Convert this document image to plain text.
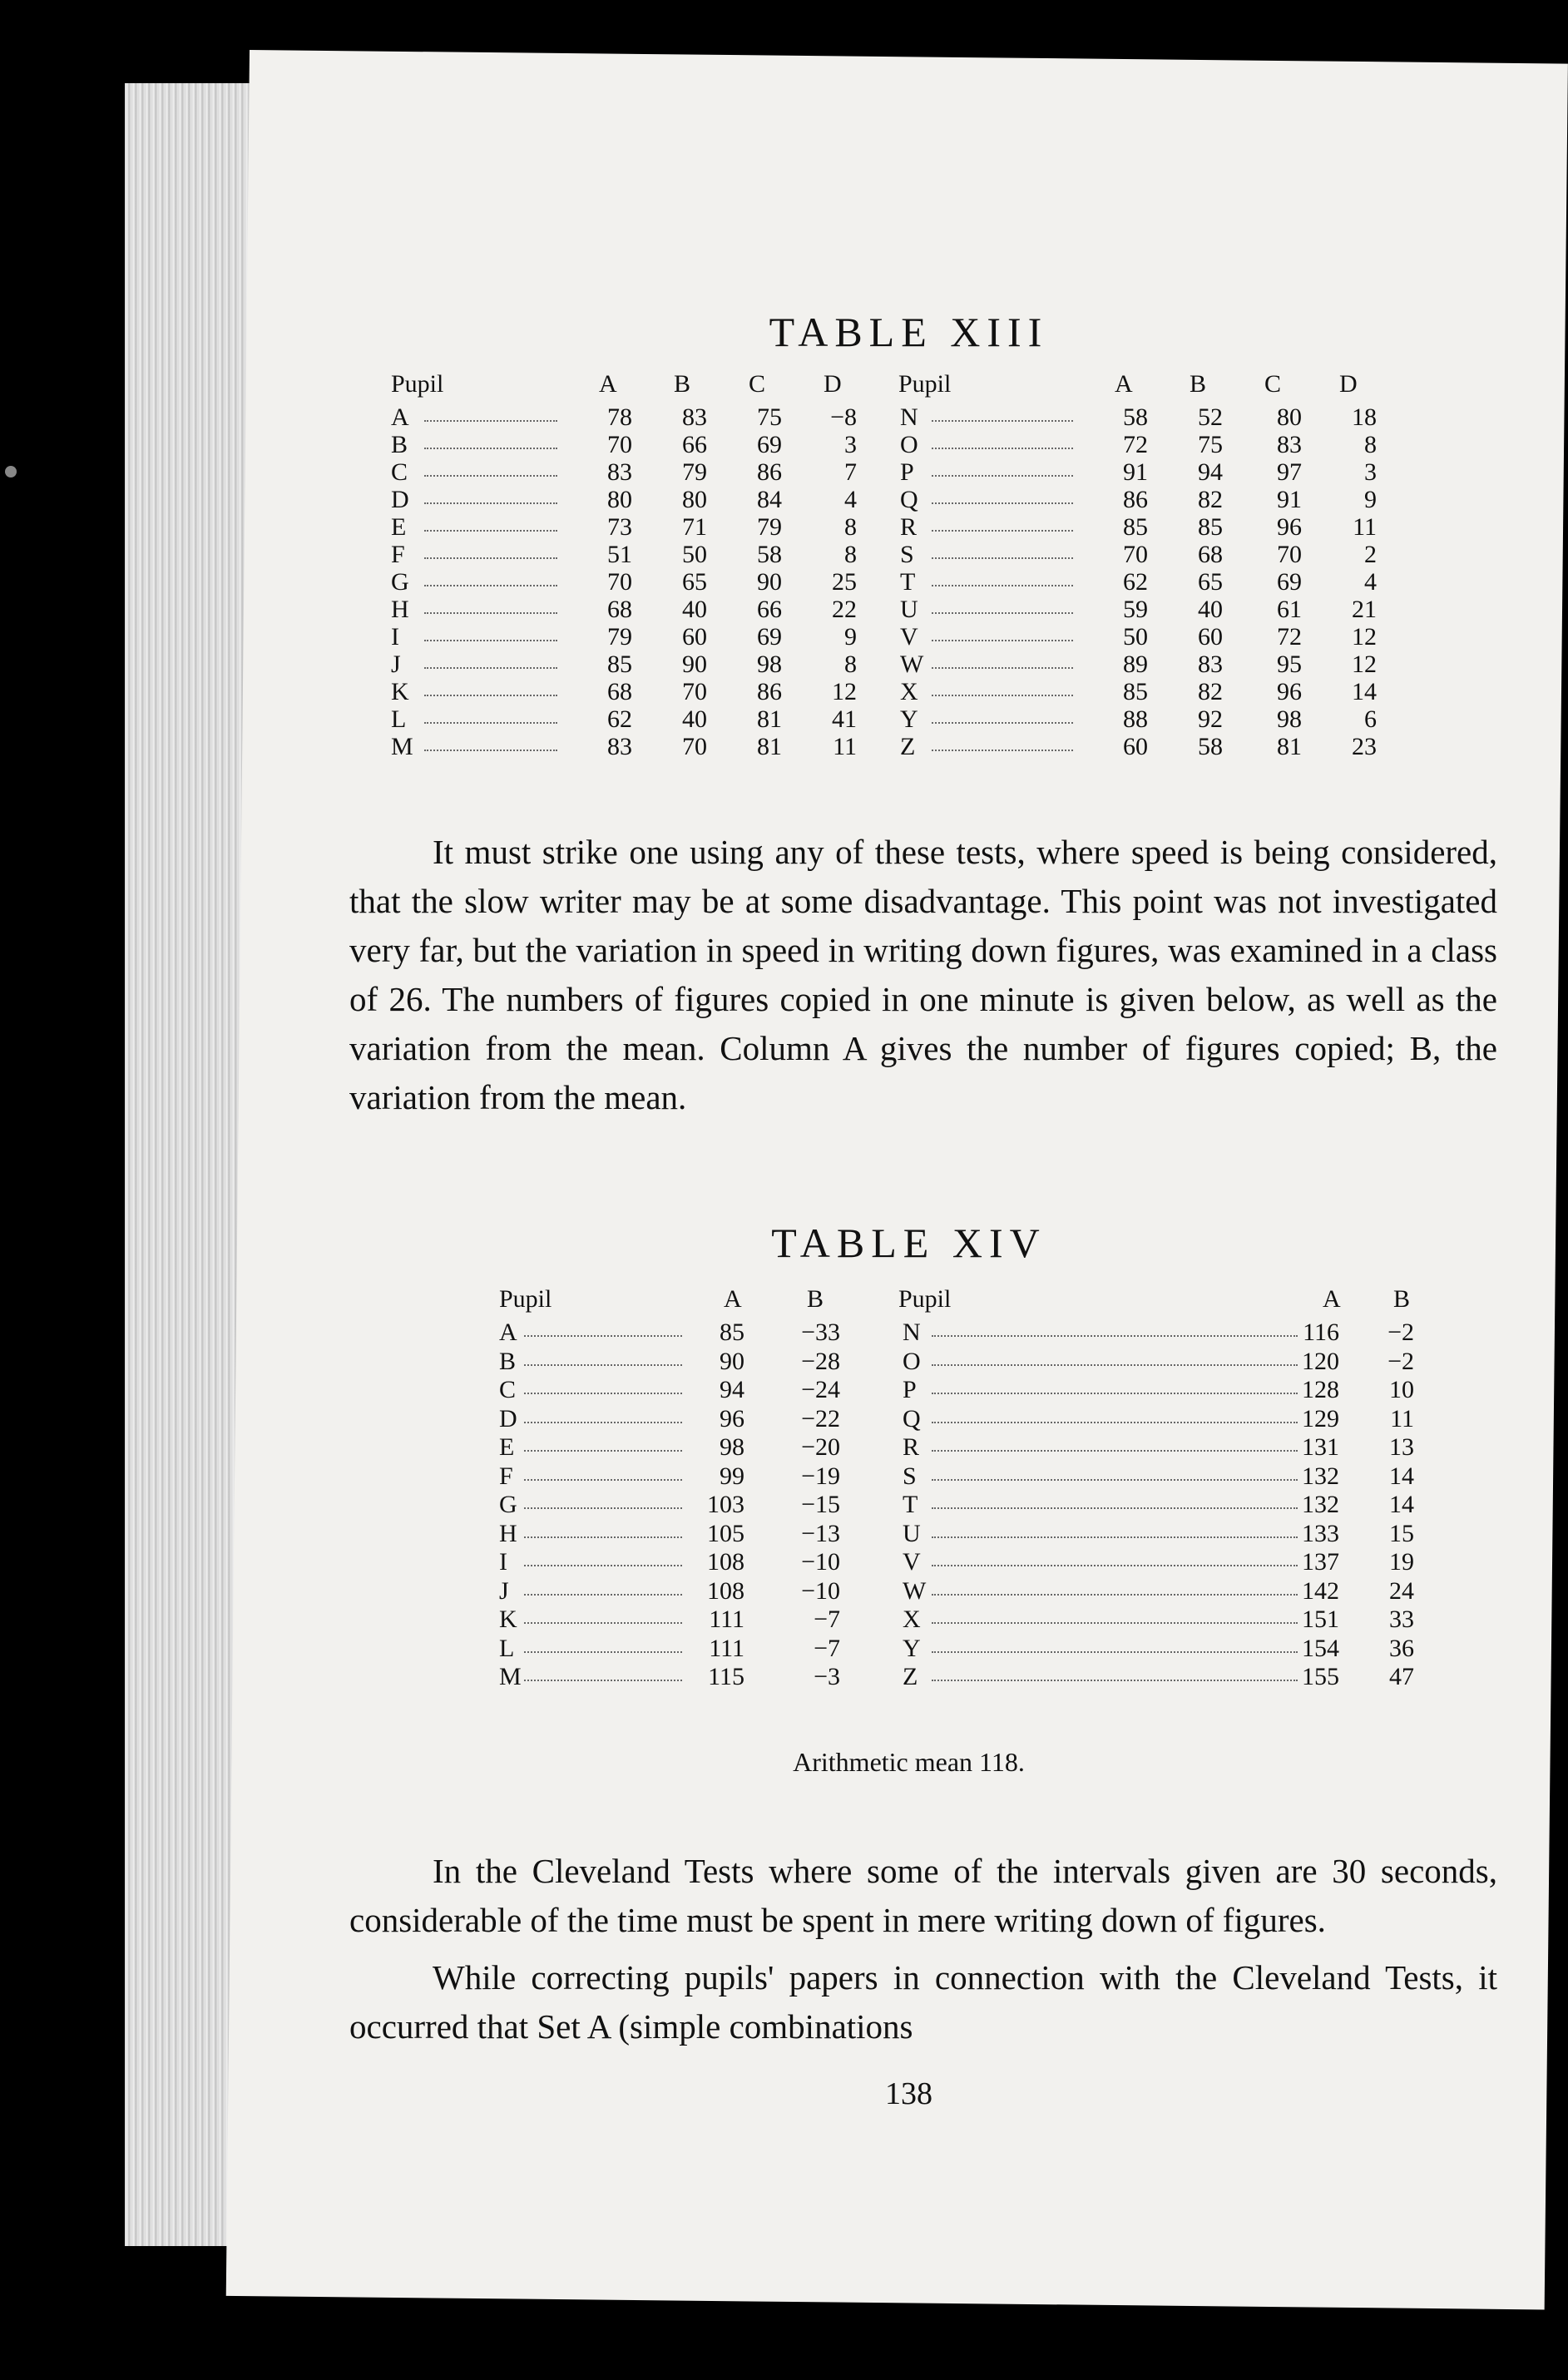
TABLE XIII
Pupil	A B C D Pupil	A B C D
A	78	83	75	−8
B	70	66	69	3
C	83	79	86	7
D	80	80	84	4
E	73	71	79	8
F	51	50	58	8
G	70	65	90	25
H	68	40	66	22
I	79	60	69	9
J	85	90	98	8
K	68	70	86	12
L	62	40	81	41
M	83	70	81	11
N	58	52	80	18
O	72	75	83	8
P	91	94	97	3
Q	86	82	91	9
R	85	85	96	11
S	70	68	70	2
T	62	65	69	4
U	59	40	61	21
V	50	60	72	12
W	89	83	95	12
X	85	82	96	14
Y	88	92	98	6
Z	60	58	81	23
It must strike one using any of these tests, where speed is being considered, that the slow writer may be at some disadvantage. This point was not investigated very far, but the variation in speed in writing down figures, was examined in a class of 26. The numbers of figures copied in one minute is given below, as well as the variation from the mean. Column A gives the number of figures copied; B, the variation from the mean.
TABLE XIV
Pupil	A	B	Pupil	A B
A	85	−33
B	90	−28
C	94	−24
D	96	−22
E	98	−20
F	99	−19
G	103	−15
H	105	−13
I	108	−10
J	108	−10
K	111	−7
L	111	−7
M	115	−3
N	116	−2
O	120	−2
P	128	10
Q	129	11
R	131	13
S	132	14
T	132	14
U	133	15
V	137	19
W	142	24
X	151	33
Y	154	36
Z	155	47
Arithmetic mean 118.
In the Cleveland Tests where some of the intervals given are 30 seconds, considerable of the time must be spent in mere writing down of figures.
While correcting pupils' papers in connection with the Cleveland Tests, it occurred that Set A (simple combinations
138
